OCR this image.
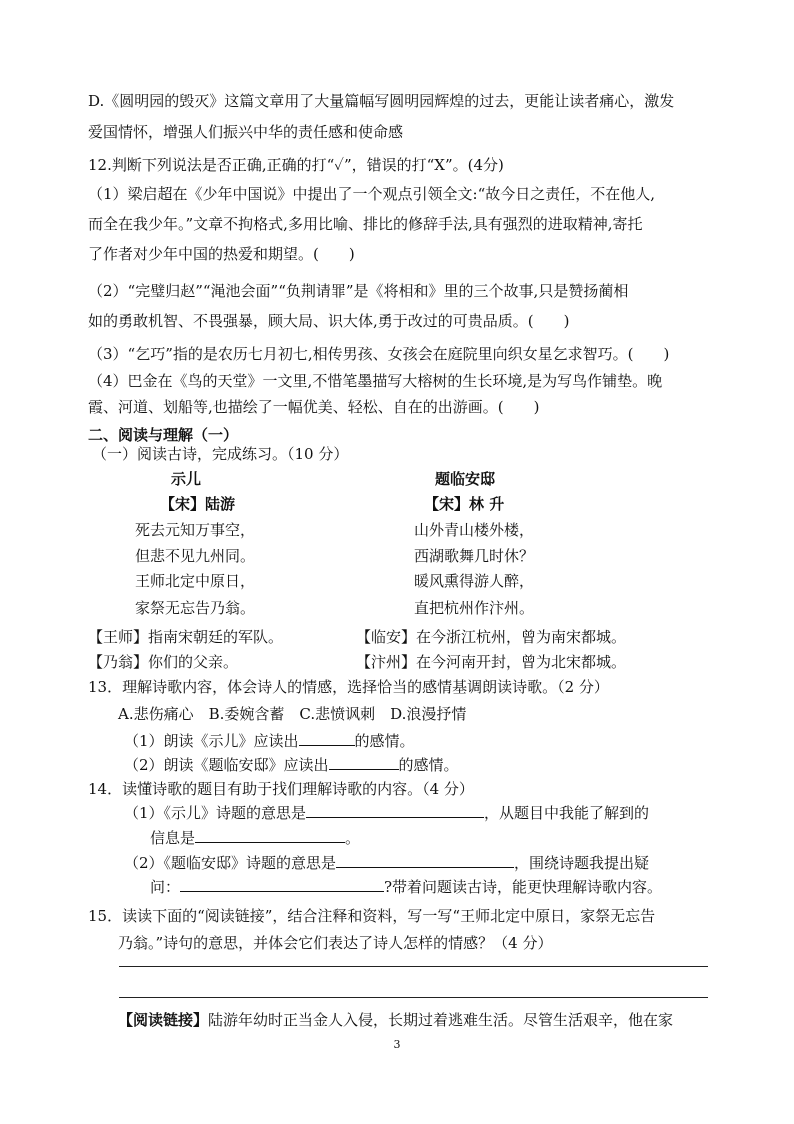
D.《圆明园的毁灭》这篇文章用了大量篇幅写圆明园辉煌的过去，更能让读者痛心，激发
爱国情怀，增强人们振兴中华的责任感和使命感
12.判断下列说法是否正确,正确的打“✓”，错误的打“X”。(4分)
（1）梁启超在《少年中国说》中提出了一个观点引领全文:“故今日之责任，不在他人,
而全在我少年。”文章不拘格式,多用比喻、排比的修辞手法,具有强烈的进取精神,寄托
了作者对少年中国的热爱和期望。(　　)
（2）“完璧归赵”“渑池会面”“负荆请罪”是《将相和》里的三个故事,只是赞扬蔺相
如的勇敢机智、不畏强暴，顾大局、识大体,勇于改过的可贵品质。(　　)
（3）“乞巧”指的是农历七月初七,相传男孩、女孩会在庭院里向织女星乞求智巧。(　　)
（4）巴金在《鸟的天堂》一文里,不惜笔墨描写大榕树的生长环境,是为写鸟作铺垫。晚
霞、河道、划船等,也描绘了一幅优美、轻松、自在的出游画。(　　)
二、阅读与理解（一）
（一）阅读古诗，完成练习。（10 分）
示儿
【宋】陆游
死去元知万事空，
但悲不见九州同。
王师北定中原日，
家祭无忘告乃翁。
【王师】指南宋朝廷的军队。
【乃翁】你们的父亲。
题临安邸
【宋】林 升
山外青山楼外楼，
西湖歌舞几时休？
暖风熏得游人醉，
直把杭州作汴州。
【临安】在今浙江杭州，曾为南宋都城。
【汴州】在今河南开封，曾为北宋都城。
13．理解诗歌内容，体会诗人的情感，选择恰当的感情基调朗读诗歌。（2 分）
A.悲伤痛心　B.委婉含蓄　C.悲愤讽刺　D.浪漫抒情
（1）朗读《示儿》应读出	的感情。
（2）朗读《题临安邸》应读出	的感情。
14．读懂诗歌的题目有助于找们理解诗歌的内容。（4 分）
（1）《示儿》诗题的意思是	，从题目中我能了解到的
信息是	。
（2）《题临安邸》诗题的意思是	，围绕诗题我提出疑
问：	?带着问题读古诗，能更快理解诗歌内容。
15．读读下面的“阅读链接”，结合注释和资料，写一写“王师北定中原日，家祭无忘告
乃翁。”诗句的意思，并体会它们表达了诗人怎样的情感？（4 分）
【阅读链接】陆游年幼时正当金人入侵，长期过着逃难生活。尽管生活艰辛，他在家
3
